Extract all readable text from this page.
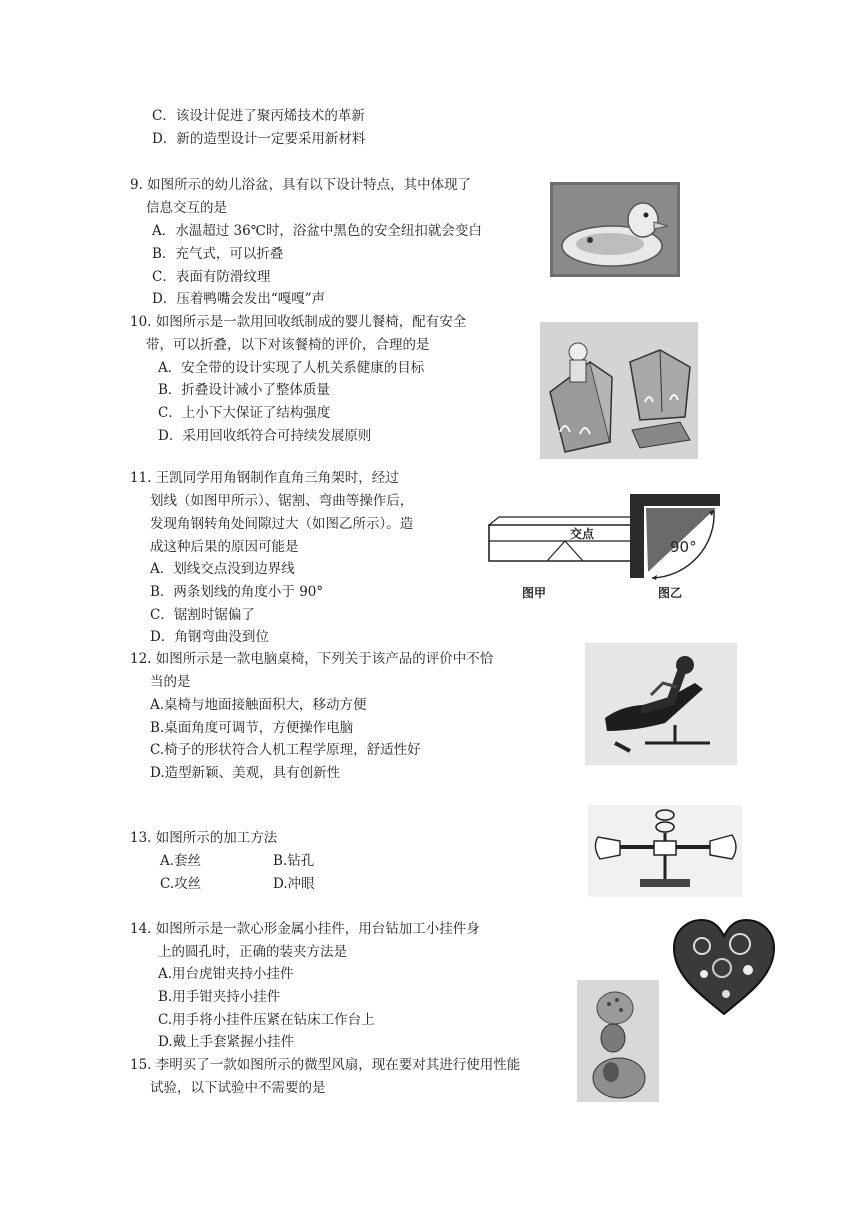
C．该设计促进了聚丙烯技术的革新
D．新的造型设计一定要采用新材料
9. 如图所示的幼儿浴盆，具有以下设计特点，其中体现了
信息交互的是
A．水温超过 36℃时，浴盆中黑色的安全纽扣就会变白
B．充气式，可以折叠
C．表面有防滑纹理
D．压着鸭嘴会发出“嘎嘎”声
10. 如图所示是一款用回收纸制成的婴儿餐椅，配有安全
带，可以折叠，以下对该餐椅的评价，合理的是
A．安全带的设计实现了人机关系健康的目标
B．折叠设计减小了整体质量
C．上小下大保证了结构强度
D．采用回收纸符合可持续发展原则
11. 王凯同学用角钢制作直角三角架时，经过
划线（如图甲所示）、锯割、弯曲等操作后，
发现角钢转角处间隙过大（如图乙所示）。造
成这种后果的原因可能是
A．划线交点没到边界线
B．两条划线的角度小于 90°
C．锯割时锯偏了
D．角钢弯曲没到位
交点
图甲
90°
图乙
12. 如图所示是一款电脑桌椅，下列关于该产品的评价中不恰
当的是
A.桌椅与地面接触面积大，移动方便
B.桌面角度可调节，方便操作电脑
C.椅子的形状符合人机工程学原理，舒适性好
D.造型新颖、美观，具有创新性
13. 如图所示的加工方法
A.套丝	B.钻孔
C.攻丝	D.冲眼
14. 如图所示是一款心形金属小挂件，用台钻加工小挂件身
上的圆孔时，正确的装夹方法是
A.用台虎钳夹持小挂件
B.用手钳夹持小挂件
C.用手将小挂件压紧在钻床工作台上
D.戴上手套紧握小挂件
15. 李明买了一款如图所示的微型风扇，现在要对其进行使用性能
试验，以下试验中不需要的是
